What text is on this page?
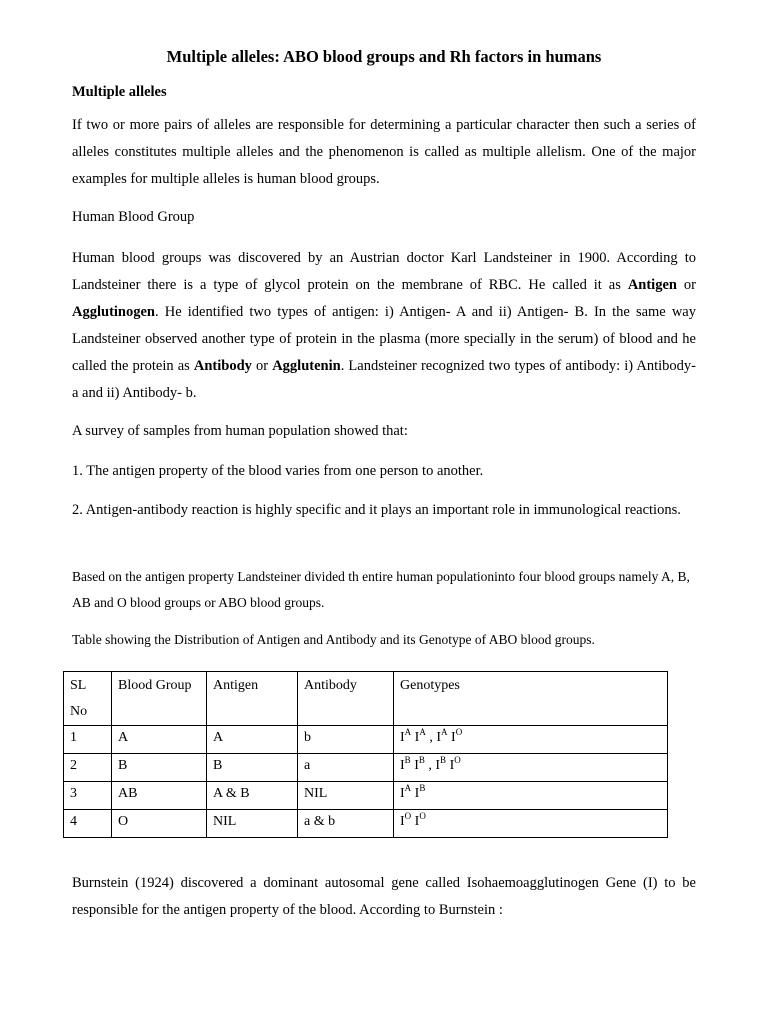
Multiple alleles: ABO blood groups and Rh factors in humans
Multiple alleles

If two or more pairs of alleles are responsible for determining a particular character then such a series of alleles constitutes multiple alleles and the phenomenon is called as multiple allelism. One of the major examples for multiple alleles is human blood groups.

Human Blood Group

Human blood groups was discovered by an Austrian doctor Karl Landsteiner in 1900. According to Landsteiner there is a type of glycol protein on the membrane of RBC. He called it as Antigen or Agglutinogen. He identified two types of antigen: i) Antigen- A and ii) Antigen- B. In the same way Landsteiner observed another type of protein in the plasma (more specially in the serum) of blood and he called the protein as Antibody or Agglutenin. Landsteiner recognized two types of antibody: i) Antibody- a and ii) Antibody- b.

A survey of samples from human population showed that:

1. The antigen property of the blood varies from one person to another.

2. Antigen-antibody reaction is highly specific and it plays an important role in immunological reactions.

Based on the antigen property Landsteiner divided th entire human populationinto four blood groups namely A, B, AB and O blood groups or ABO blood groups.

Table showing the Distribution of Antigen and Antibody and its Genotype of ABO blood groups.

SL
No	Blood Group	Antigen	Antibody	Genotypes
1	A	A	b	$I^A$ $I^A$ , $I^A$ $I^O$
2	B	B	a	$I^B$ $I^B$ , $I^B$ $I^O$
3	AB	A & B	NIL	$I^A$ $I^B$
4	O	NIL	a & b	$I^O$ $I^O$

Burnstein (1924) discovered a dominant autosomal gene called Isohaemoagglutinogen Gene (I) to be responsible for the antigen property of the blood. According to Burnstein :
